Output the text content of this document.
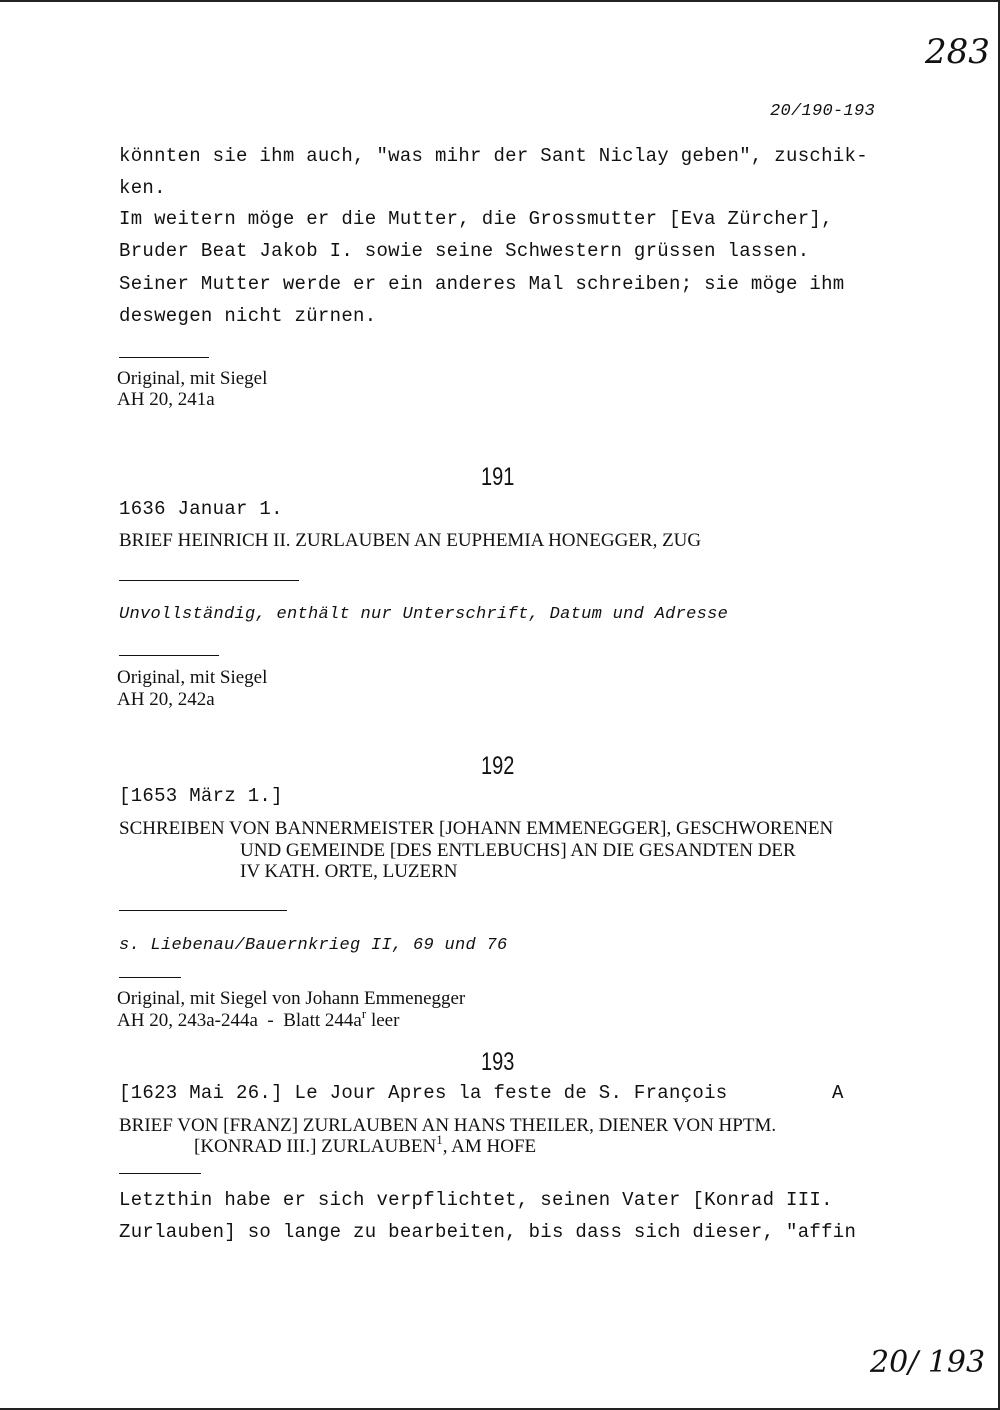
283
20/190-193
könnten sie ihm auch, "was mihr der Sant Niclay geben", zuschik-
ken.
Im weitern möge er die Mutter, die Grossmutter [Eva Zürcher],
Bruder Beat Jakob I. sowie seine Schwestern grüssen lassen.
Seiner Mutter werde er ein anderes Mal schreiben; sie möge ihm
deswegen nicht zürnen.
Original, mit Siegel
AH 20, 241a
191
1636 Januar 1.
BRIEF HEINRICH II. ZURLAUBEN AN EUPHEMIA HONEGGER, ZUG
Unvollständig, enthält nur Unterschrift, Datum und Adresse
Original, mit Siegel
AH 20, 242a
192
[1653 März 1.]
SCHREIBEN VON BANNERMEISTER [JOHANN EMMENEGGER], GESCHWORENEN
UND GEMEINDE [DES ENTLEBUCHS] AN DIE GESANDTEN DER
IV KATH. ORTE, LUZERN
s. Liebenau/Bauernkrieg II, 69 und 76
Original, mit Siegel von Johann Emmenegger
AH 20, 243a-244a  -  Blatt $244a^r$ leer
193
[1623 Mai 26.] Le Jour Apres la feste de S. François	A
BRIEF VON [FRANZ] ZURLAUBEN AN HANS THEILER, DIENER VON HPTM.
[KONRAD III.] ZURLAUBEN$^1$, AM HOFE
Letzthin habe er sich verpflichtet, seinen Vater [Konrad III.
Zurlauben] so lange zu bearbeiten, bis dass sich dieser, "affin
20/ 193
